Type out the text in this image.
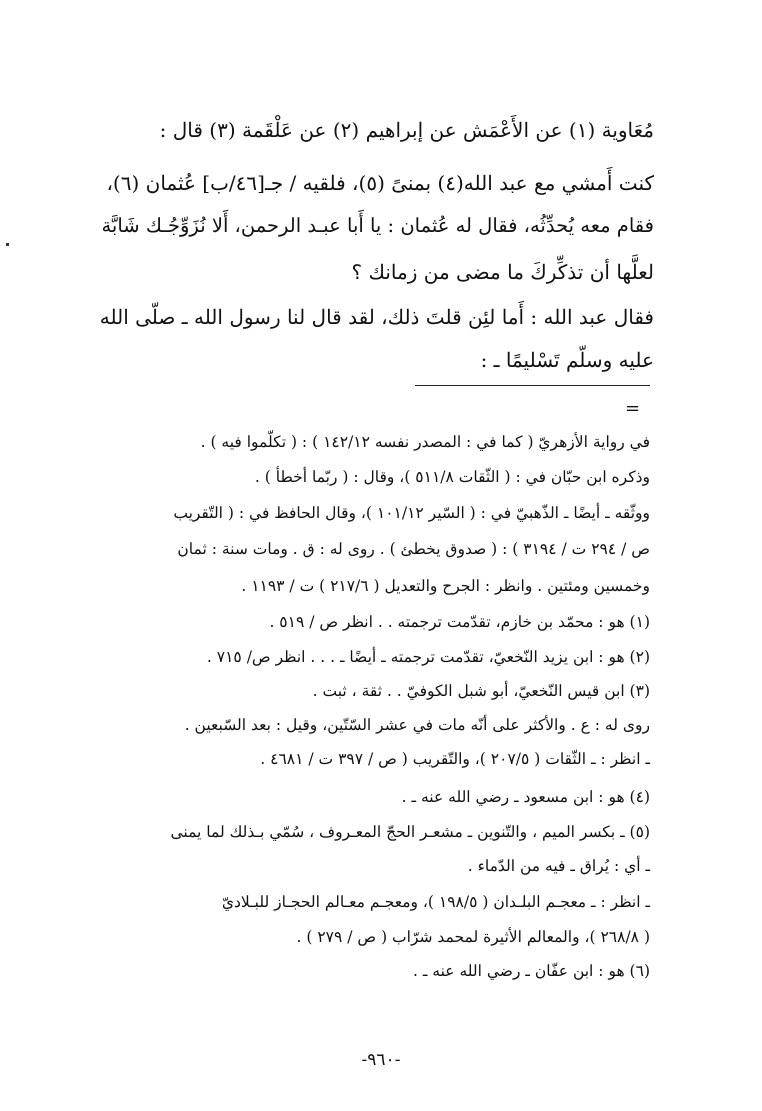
مُعَاوية (١) عن الأَعْمَش عن إبراهيم (٢) عن عَلْقَمة (٣) قال :
كنت أَمشي مع عبد الله(٤) بمنىً (٥)، فلقيه / جـ[٤٦/ب] عُثمان (٦)،
فقام معه يُحدِّثُه، فقال له عُثمان : يا أَبا عبـد الرحمن، أَلا نُزَوِّجُـك شَابَّة
لعلَّها أن تذكِّركَ ما مضى من زمانك ؟
فقال عبد الله : أَما لئِن قلتَ ذلك، لقد قال لنا رسول الله ـ صلّى الله
عليه وسلّم تَسْليمًا ـ :
=
في رواية الأزهريّ ( كما في : المصدر نفسه ١٤٢/١٢ ) : ( تكلّموا فيه ) .
وذكره ابن حبّان في : ( الثّقات ٥١١/٨ )، وقال : ( ربّما أخطأ ) .
ووثّقه ـ أيضًا ـ الذّهبيّ في : ( السّير ١٠١/١٢ )، وقال الحافظ في : ( التّقريب
ص / ٢٩٤ ت / ٣١٩٤ ) : ( صدوق يخطئ ) . روى له : ق . ومات سنة : ثمان
وخمسين ومئتين . وانظر : الجرح والتعديل ( ٢١٧/٦ ) ت / ١١٩٣ .
(١) هو : محمّد بن خازم، تقدّمت ترجمته . . انظر ص / ٥١٩ .
(٢) هو : ابن يزيد النّخعيّ، تقدّمت ترجمته ـ أيضًا ـ . . . انظر ص/ ٧١٥ .
(٣) ابن قيس النّخعيّ، أبو شبل الكوفيّ . . ثقة ، ثبت .
روى له : ع . والأكثر على أنّه مات في عشر السّتّين، وقيل : بعد السّبعين .
ـ انظر : ـ الثّقات ( ٢٠٧/٥ )، والتّقريب ( ص / ٣٩٧ ت / ٤٦٨١ .
(٤) هو : ابن مسعود ـ رضي الله عنه ـ .
(٥) ـ بكسر الميم ، والتّنوين ـ مشعـر الحجّ المعـروف ، سُمّي بـذلك لما يمنى
ـ أي : يُراق ـ فيه من الدّماء .
ـ انظر : ـ معجـم البلـدان ( ١٩٨/٥ )، ومعجـم معـالم الحجـاز للبـلاديّ
( ٢٦٨/٨ )، والمعالم الأثيرة لمحمد شرّاب ( ص / ٢٧٩ ) .
(٦) هو : ابن عفّان ـ رضي الله عنه ـ .
-٩٦٠-
